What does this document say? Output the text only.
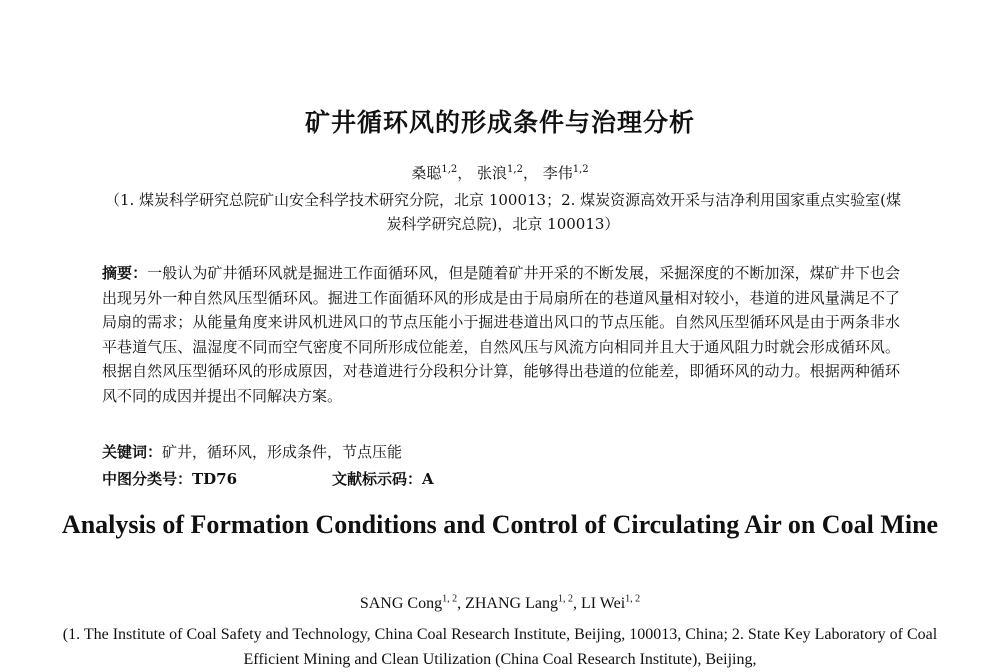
矿井循环风的形成条件与治理分析
桑聪$^{1,2}$， 张浪$^{1,2}$， 李伟$^{1,2}$
（1. 煤炭科学研究总院矿山安全科学技术研究分院，北京 100013；2. 煤炭资源高效开采与洁净利用国家重点实验室(煤炭科学研究总院)，北京 100013）
摘要：一般认为矿井循环风就是掘进工作面循环风，但是随着矿井开采的不断发展，采掘深度的不断加深，煤矿井下也会出现另外一种自然风压型循环风。掘进工作面循环风的形成是由于局扇所在的巷道风量相对较小，巷道的进风量满足不了局扇的需求；从能量角度来讲风机进风口的节点压能小于掘进巷道出风口的节点压能。自然风压型循环风是由于两条非水平巷道气压、温湿度不同而空气密度不同所形成位能差，自然风压与风流方向相同并且大于通风阻力时就会形成循环风。根据自然风压型循环风的形成原因，对巷道进行分段积分计算，能够得出巷道的位能差，即循环风的动力。根据两种循环风不同的成因并提出不同解决方案。
关键词：矿井，循环风，形成条件，节点压能
中图分类号：TD76	文献标示码：A
Analysis of Formation Conditions and Control of Circulating Air on Coal Mine
SANG Cong$^{1, 2}$, ZHANG Lang$^{1, 2}$, LI Wei$^{1, 2}$
(1. The Institute of Coal Safety and Technology, China Coal Research Institute, Beijing, 100013, China; 2. State Key Laboratory of Coal Efficient Mining and Clean Utilization (China Coal Research Institute), Beijing,
